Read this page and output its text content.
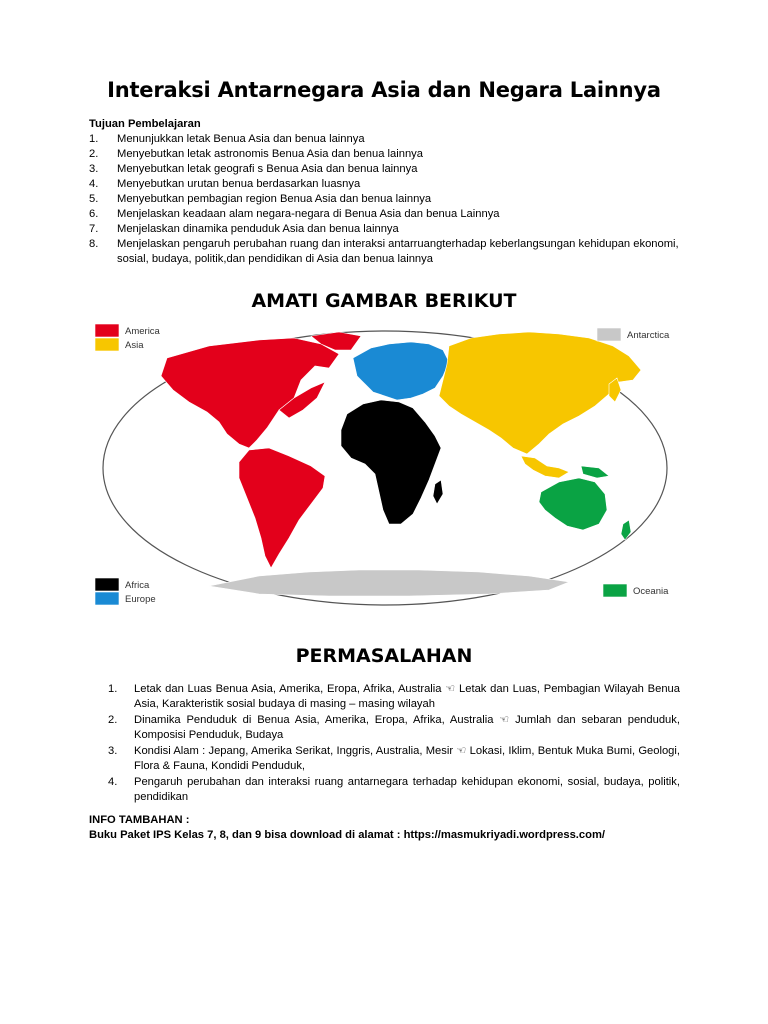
Interaksi Antarnegara Asia dan Negara Lainnya
Tujuan Pembelajaran
1.	Menunjukkan letak Benua Asia dan benua lainnya
2.	Menyebutkan letak astronomis Benua Asia dan benua lainnya
3.	Menyebutkan letak geografi s Benua Asia dan benua lainnya
4.	Menyebutkan urutan benua berdasarkan luasnya
5.	Menyebutkan pembagian region Benua Asia dan benua lainnya
6.	Menjelaskan keadaan alam negara-negara di Benua Asia dan benua Lainnya
7.	Menjelaskan dinamika penduduk Asia dan benua lainnya
8.	Menjelaskan pengaruh perubahan ruang dan interaksi antarruangterhadap keberlangsungan kehidupan ekonomi, sosial, budaya, politik,dan pendidikan di Asia dan benua lainnya
AMATI GAMBAR BERIKUT
America
Asia
Antarctica
Africa
Europe
Oceania
PERMASALAHAN
1.	Letak dan Luas Benua Asia, Amerika, Eropa, Afrika, Australia ☜ Letak dan Luas, Pembagian Wilayah Benua Asia, Karakteristik sosial budaya di masing – masing wilayah
2.	Dinamika Penduduk di Benua Asia, Amerika, Eropa, Afrika, Australia ☜ Jumlah dan sebaran penduduk, Komposisi Penduduk, Budaya
3.	Kondisi Alam : Jepang, Amerika Serikat, Inggris, Australia, Mesir ☜ Lokasi, Iklim, Bentuk Muka Bumi, Geologi, Flora & Fauna, Kondidi Penduduk,
4.	Pengaruh perubahan dan interaksi ruang antarnegara terhadap kehidupan ekonomi, sosial, budaya, politik, pendidikan
INFO TAMBAHAN :
Buku Paket IPS Kelas 7, 8, dan 9 bisa download di alamat : https://masmukriyadi.wordpress.com/
